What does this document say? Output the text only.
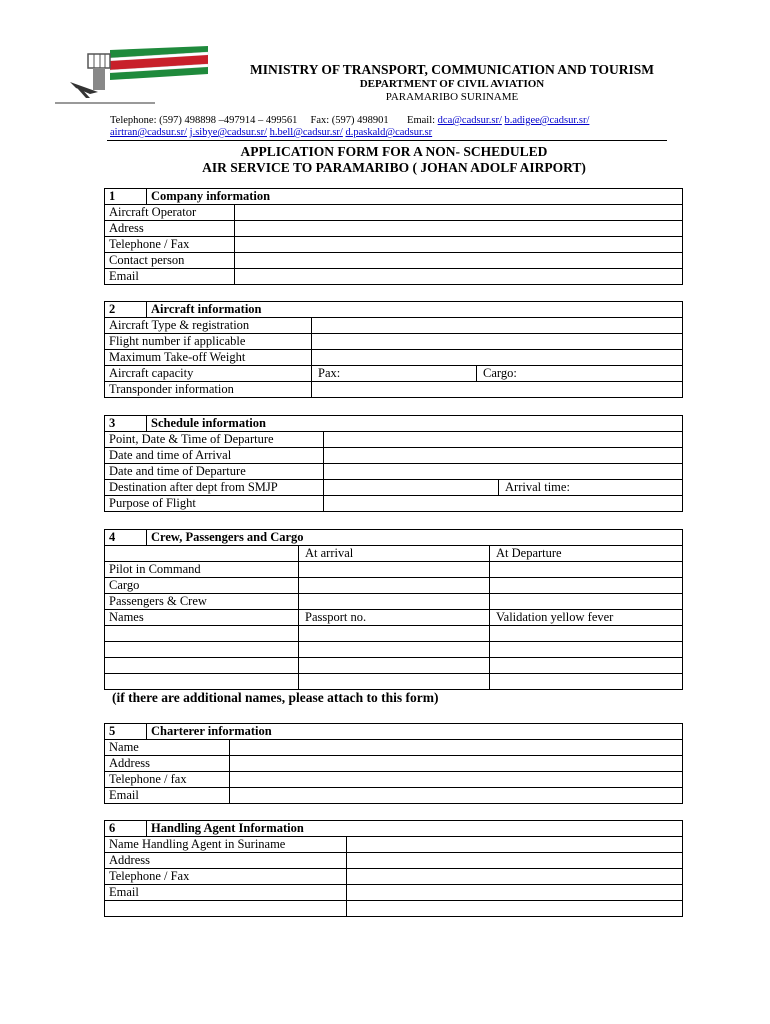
MINISTRY OF TRANSPORT, COMMUNICATION AND TOURISM
DEPARTMENT OF CIVIL AVIATION
PARAMARIBO SURINAME
Telephone: (597) 498898 –497914 – 499561 Fax: (597) 498901 Email: dca@cadsur.sr/ b.adigee@cadsur.sr/
airtran@cadsur.sr/ j.sibye@cadsur.sr/ h.bell@cadsur.sr/ d.paskald@cadsur.sr
APPLICATION FORM FOR A NON- SCHEDULED
AIR SERVICE TO PARAMARIBO ( JOHAN ADOLF AIRPORT)
1	Company information	
Aircraft Operator		
Adress		
Telephone / Fax		
Contact person		
Email		
2	Aircraft information		
Aircraft Type & registration			
Flight number if applicable			
Maximum Take-off Weight			
Aircraft capacity		Pax:	Cargo:
Transponder information			
3	Schedule information		
Point, Date & Time of Departure			
Date and time of Arrival			
Date and time of Departure			
Destination after dept from SMJP			Arrival time:
Purpose of Flight			
4	Crew, Passengers and Cargo		
		At arrival	At Departure
Pilot in Command			
Cargo			
Passengers & Crew			
Names		Passport no.	Validation yellow fever

(if there are additional names, please attach to this form)
5	Charterer information	
Name		
Address		
Telephone / fax		
Email		
6	Handling Agent Information	
Name Handling Agent in Suriname		
Address		
Telephone / Fax		
Email		
